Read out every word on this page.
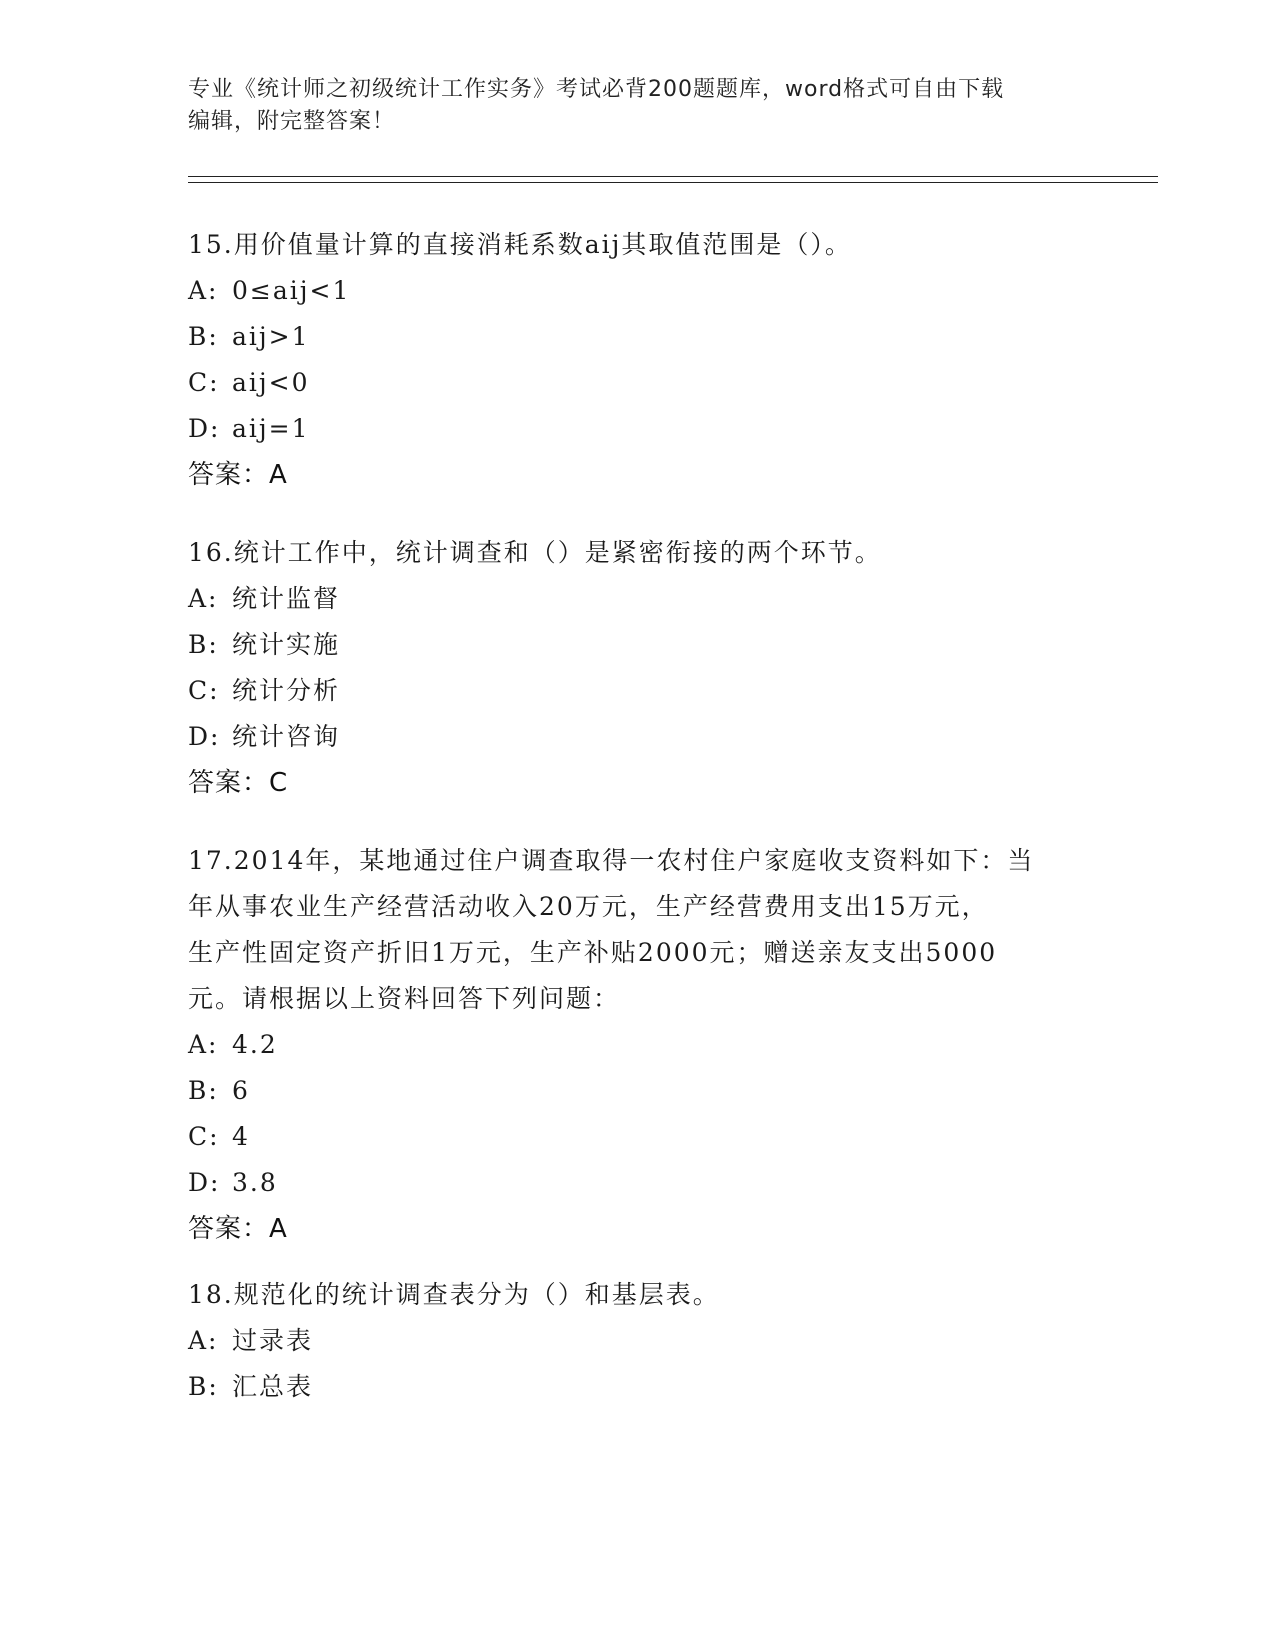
专业《统计师之初级统计工作实务》考试必背200题题库，word格式可自由下载
编辑，附完整答案！

15.用价值量计算的直接消耗系数aij其取值范围是（）。

A: 0≤aij<1
B: aij>1
C: aij<0
D: aij=1
答案：A

16.统计工作中，统计调查和（）是紧密衔接的两个环节。

A: 统计监督
B: 统计实施
C: 统计分析
D: 统计咨询
答案：C

17.2014年，某地通过住户调查取得一农村住户家庭收支资料如下：当

年从事农业生产经营活动收入20万元，生产经营费用支出15万元，

生产性固定资产折旧1万元，生产补贴2000元；赠送亲友支出5000

元。请根据以上资料回答下列问题：

A: 4.2
B: 6
C: 4
D: 3.8
答案：A

18.规范化的统计调查表分为（）和基层表。

A: 过录表
B: 汇总表
